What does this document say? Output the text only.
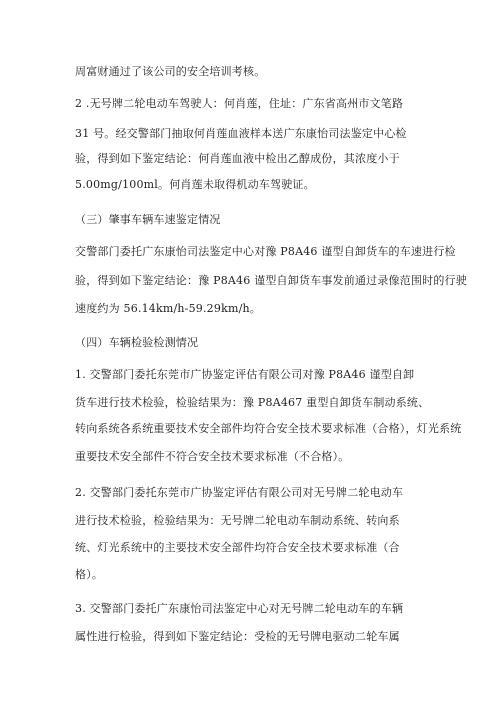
周富财通过了该公司的安全培训考核。
2 .无号牌二轮电动车驾驶人：何肖莲，住址：广东省高州市文笔路
31 号。经交警部门抽取何肖莲血液样本送广东康怡司法鉴定中心检
验，得到如下鉴定结论：何肖莲血液中检出乙醇成份，其浓度小于
5.00mg/100ml。何肖莲未取得机动车驾驶证。
（三）肇事车辆车速鉴定情况
交警部门委托广东康怡司法鉴定中心对豫 P8A46 谨型自卸货车的车速进行检
验，得到如下鉴定结论：豫 P8A46 谨型自卸货车事发前通过录像范围时的行驶
速度约为 56.14km/h-59.29km/h。
（四）车辆检验检测情况
1. 交警部门委托东莞市广协鉴定评估有限公司对豫 P8A46 谨型自卸
货车进行技术检验，检验结果为：豫 P8A467 重型自卸货车制动系统、
转向系统各系统重要技术安全部件均符合安全技术要求标准（合格），灯光系统
重要技术安全部件不符合安全技术要求标准（不合格）。
2. 交警部门委托东莞市广协鉴定评估有限公司对无号牌二轮电动车
进行技术检验，检验结果为：无号牌二轮电动车制动系统、转向系
统、灯光系统中的主要技术安全部件均符合安全技术要求标准（合
格）。
3. 交警部门委托广东康怡司法鉴定中心对无号牌二轮电动车的车辆
属性进行检验，得到如下鉴定结论：受检的无号牌电驱动二轮车属
